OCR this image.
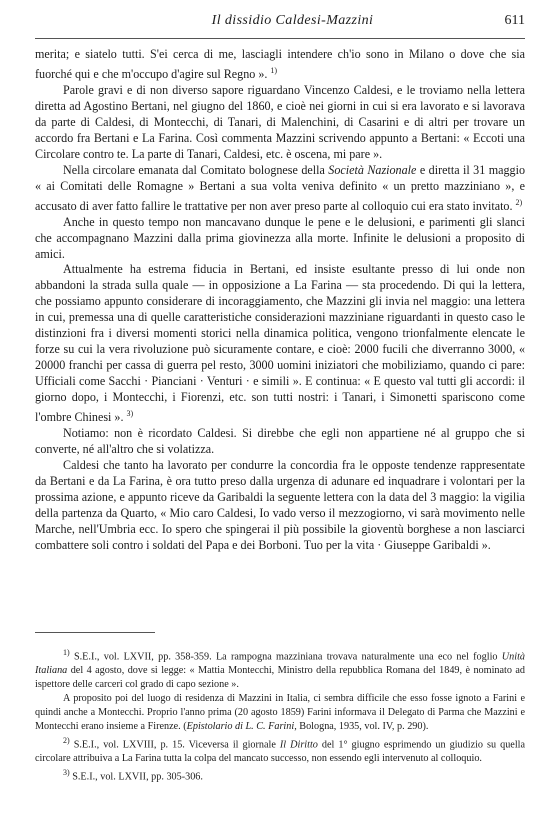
Il dissidio Caldesi-Mazzini	611

merita; e siatelo tutti. S'ei cerca di me, lasciagli intendere ch'io sono in Milano o dove che sia fuorché qui e che m'occupo d'agire sul Regno ». $^{1)}$

Parole gravi e di non diverso sapore riguardano Vincenzo Caldesi, e le troviamo nella lettera diretta ad Agostino Bertani, nel giugno del 1860, e cioè nei giorni in cui si era lavorato e si lavorava da parte di Caldesi, di Montecchi, di Tanari, di Malenchini, di Casarini e di altri per trovare un accordo fra Bertani e La Farina. Così commenta Mazzini scrivendo appunto a Bertani: « Eccoti una Circolare contro te. La parte di Tanari, Caldesi, etc. è oscena, mi pare ».

Nella circolare emanata dal Comitato bolognese della Società Nazionale e diretta il 31 maggio « ai Comitati delle Romagne » Bertani a sua volta veniva definito « un pretto mazziniano », e accusato di aver fatto fallire le trattative per non aver preso parte al colloquio cui era stato invitato. $^{2)}$

Anche in questo tempo non mancavano dunque le pene e le delusioni, e parimenti gli slanci che accompagnano Mazzini dalla prima giovinezza alla morte. Infinite le delusioni a proposito di amici.

Attualmente ha estrema fiducia in Bertani, ed insiste esultante presso di lui onde non abbandoni la strada sulla quale — in opposizione a La Farina — sta procedendo. Di qui la lettera, che possiamo appunto considerare di incoraggiamento, che Mazzini gli invia nel maggio: una lettera in cui, premessa una di quelle caratteristiche considerazioni mazziniane riguardanti in questo caso le distinzioni fra i diversi momenti storici nella dinamica politica, vengono trionfalmente elencate le forze su cui la vera rivoluzione può sicuramente contare, e cioè: 2000 fucili che diverranno 3000, « 20000 franchi per cassa di guerra pel resto, 3000 uomini iniziatori che mobiliziamo, quando ci pare: Ufficiali come Sacchi · Pianciani · Venturi · e simili ». E continua: « E questo val tutti gli accordi: il giorno dopo, i Montecchi, i Fiorenzi, etc. son tutti nostri: i Tanari, i Simonetti spariscono come l'ombre Chinesi ». $^{3)}$

Notiamo: non è ricordato Caldesi. Si direbbe che egli non appartiene né al gruppo che si converte, né all'altro che si volatizza.

Caldesi che tanto ha lavorato per condurre la concordia fra le opposte tendenze rappresentate da Bertani e da La Farina, è ora tutto preso dalla urgenza di adunare ed inquadrare i volontari per la prossima azione, e appunto riceve da Garibaldi la seguente lettera con la data del 3 maggio: la vigilia della partenza da Quarto, « Mio caro Caldesi, Io vado verso il mezzogiorno, vi sarà movimento nelle Marche, nell'Umbria ecc. Io spero che spingerai il più possibile la gioventù borghese a non lasciarci combattere soli contro i soldati del Papa e dei Borboni. Tuo per la vita · Giuseppe Garibaldi ».

$^{1)}$ S.E.I., vol. LXVII, pp. 358-359. La rampogna mazziniana trovava naturalmente una eco nel foglio Unità Italiana del 4 agosto, dove si legge: « Mattia Montecchi, Ministro della repubblica Romana del 1849, è nominato ad ispettore delle carceri col grado di capo sezione ».

A proposito poi del luogo di residenza di Mazzini in Italia, ci sembra difficile che esso fosse ignoto a Farini e quindi anche a Montecchi. Proprio l'anno prima (20 agosto 1859) Farini informava il Delegato di Parma che Mazzini e Montecchi erano insieme a Firenze. (Epistolario di L. C. Farini, Bologna, 1935, vol. IV, p. 290).

$^{2)}$ S.E.I., vol. LXVIII, p. 15. Viceversa il giornale Il Diritto del 1° giugno esprimendo un giudizio su quella circolare attribuiva a La Farina tutta la colpa del mancato successo, non essendo egli intervenuto al colloquio.

$^{3)}$ S.E.I., vol. LXVII, pp. 305-306.
